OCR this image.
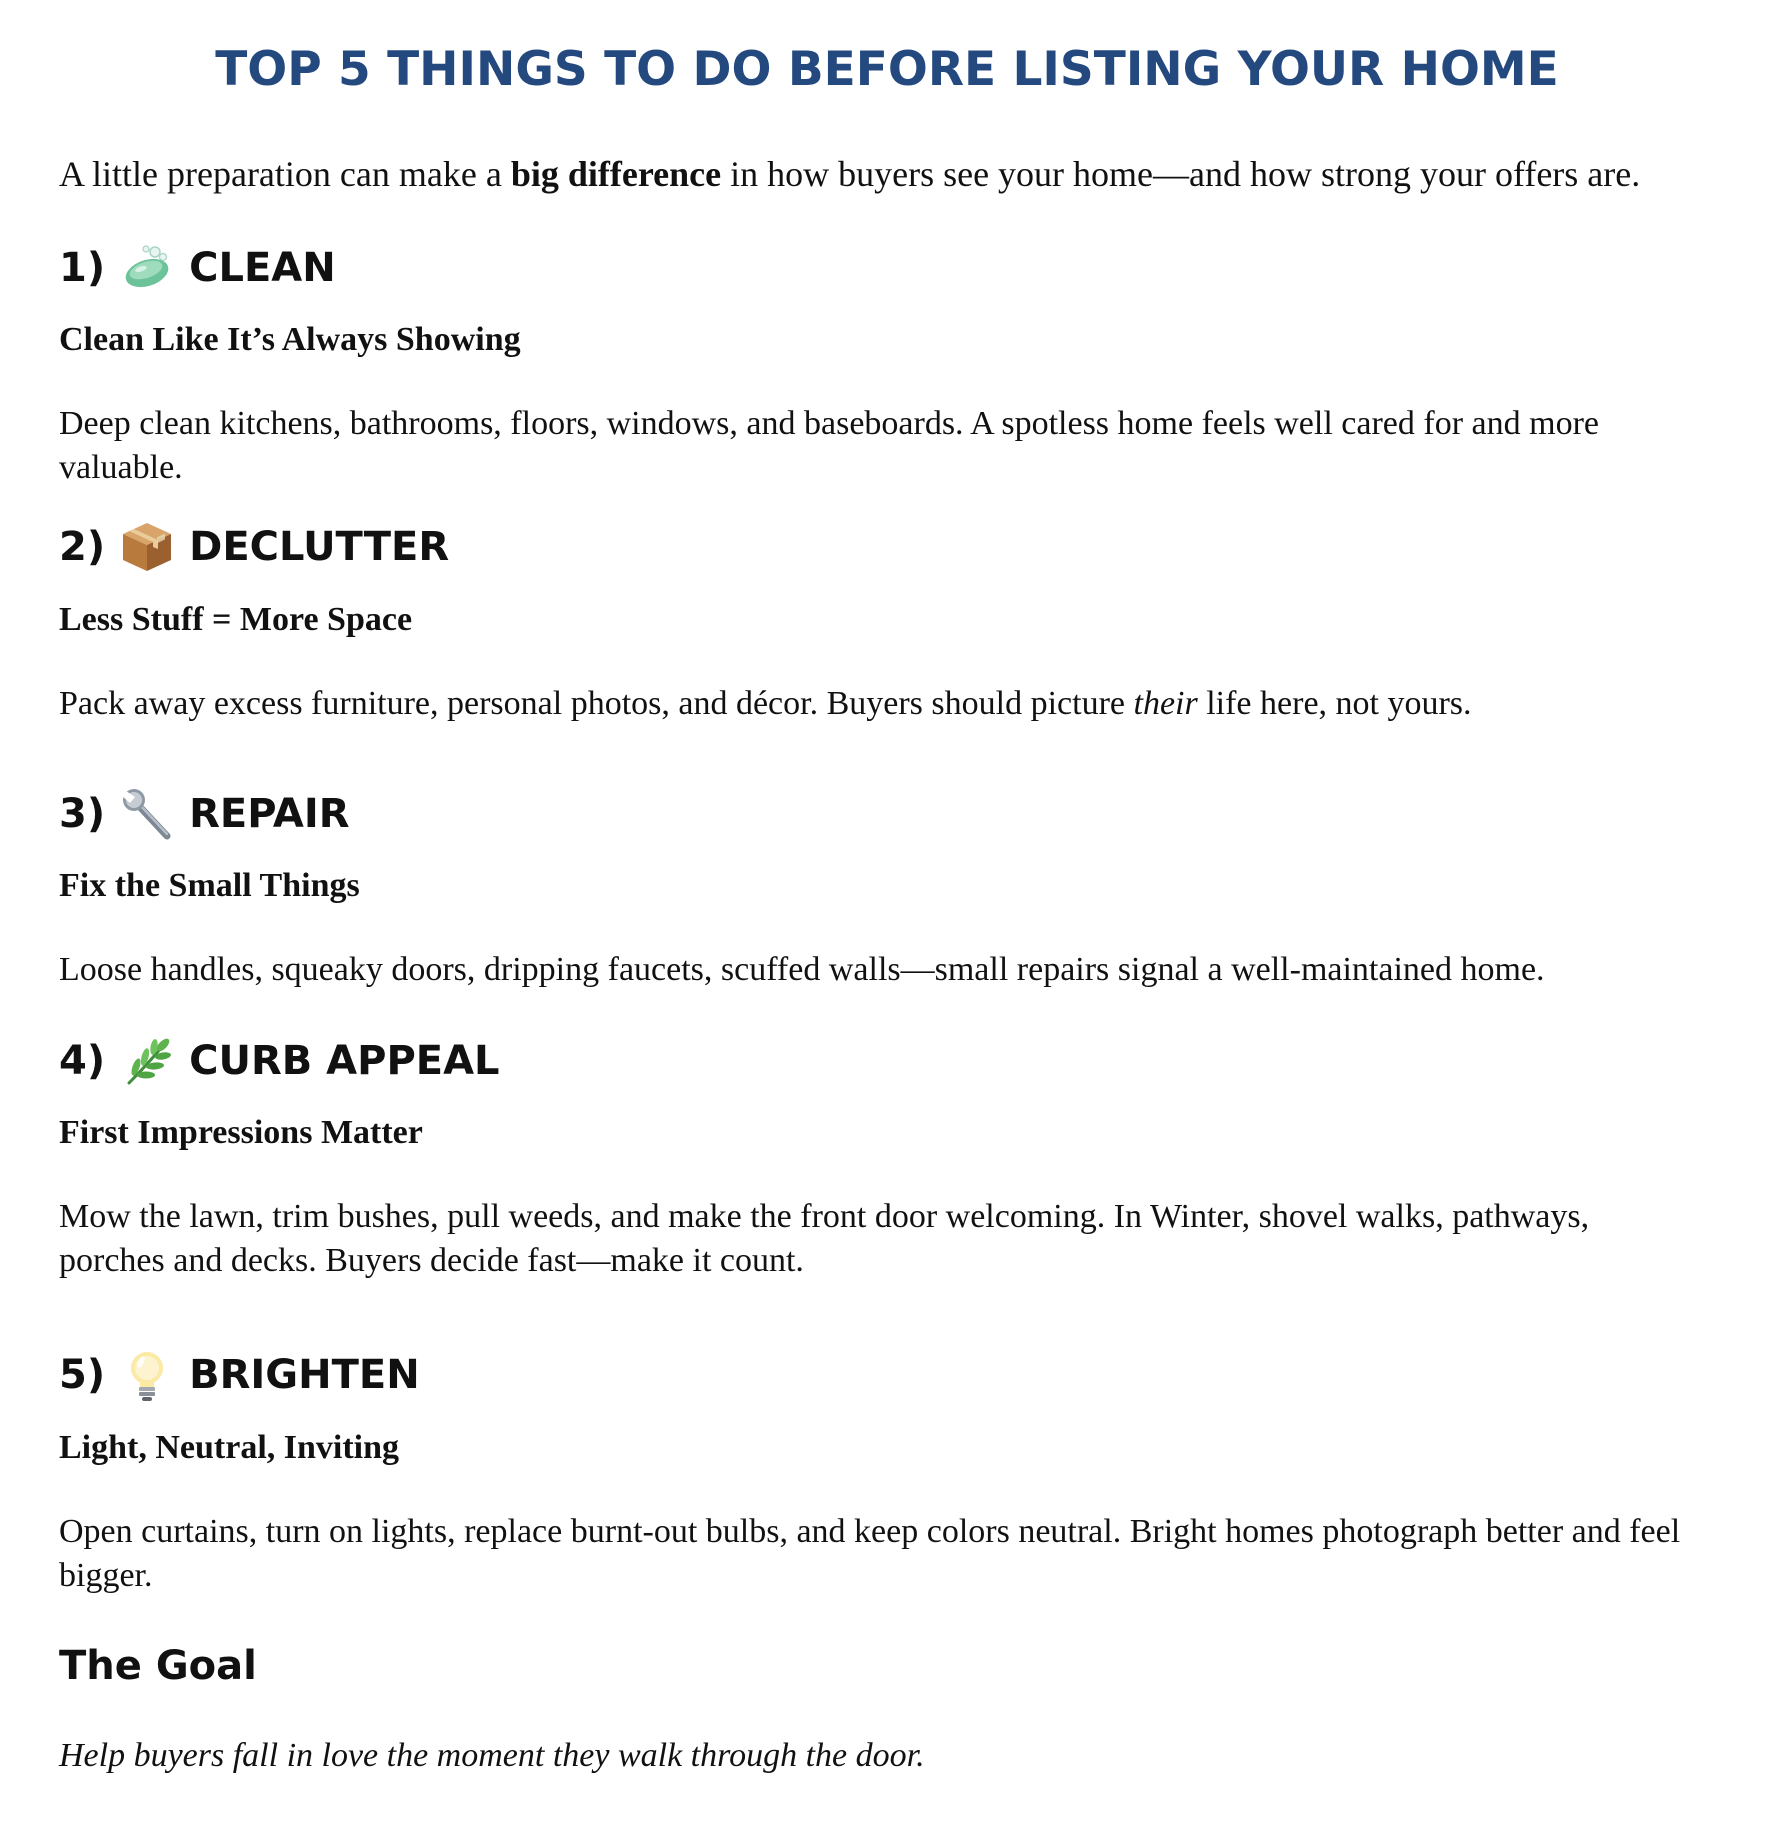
TOP 5 THINGS TO DO BEFORE LISTING YOUR HOME

A little preparation can make a big difference in how buyers see your home—and how strong your offers are.

1) CLEAN

Clean Like It’s Always Showing

Deep clean kitchens, bathrooms, floors, windows, and baseboards. A spotless home feels well cared for and more valuable.

2) DECLUTTER

Less Stuff = More Space

Pack away excess furniture, personal photos, and décor. Buyers should picture their life here, not yours.

3) REPAIR

Fix the Small Things

Loose handles, squeaky doors, dripping faucets, scuffed walls—small repairs signal a well-maintained home.

4) CURB APPEAL

First Impressions Matter

Mow the lawn, trim bushes, pull weeds, and make the front door welcoming. In Winter, shovel walks, pathways, porches and decks. Buyers decide fast—make it count.

5) BRIGHTEN

Light, Neutral, Inviting

Open curtains, turn on lights, replace burnt-out bulbs, and keep colors neutral. Bright homes photograph better and feel bigger.

The Goal

Help buyers fall in love the moment they walk through the door.
